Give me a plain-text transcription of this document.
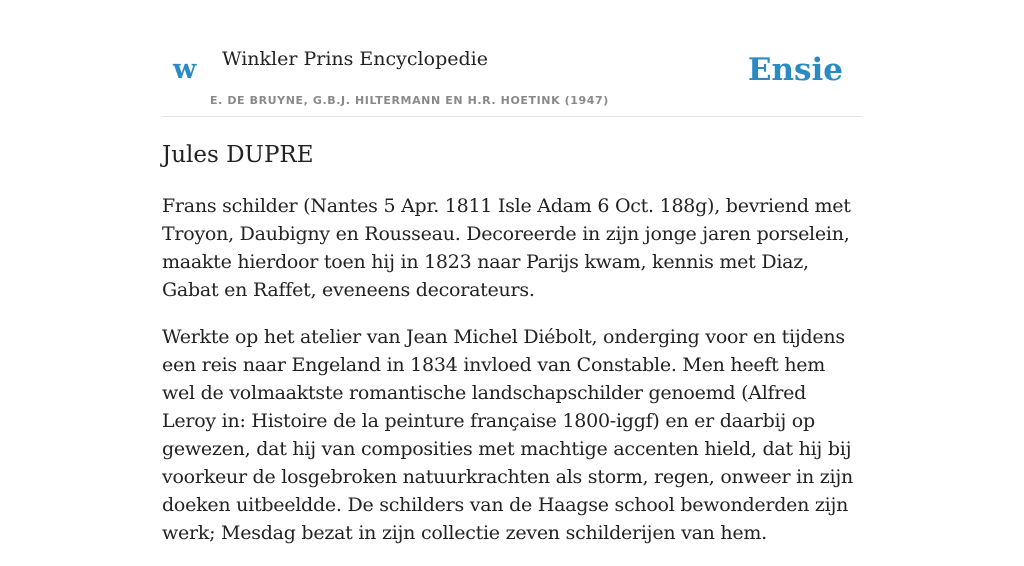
w Winkler Prins Encyclopedie
E. DE BRUYNE, G.B.J. HILTERMANN EN H.R. HOETINK (1947)
Ensie
Jules DUPRE

Frans schilder (Nantes 5 Apr. 1811 Isle Adam 6 Oct. 188g), bevriend met Troyon, Daubigny en Rousseau. Decoreerde in zijn jonge jaren porselein, maakte hierdoor toen hij in 1823 naar Parijs kwam, kennis met Diaz, Gabat en Raffet, eveneens decorateurs.

Werkte op het atelier van Jean Michel Diébolt, onderging voor en tijdens een reis naar Engeland in 1834 invloed van Constable. Men heeft hem wel de volmaaktste romantische landschapschilder genoemd (Alfred Leroy in: Histoire de la peinture française 1800-iggf) en er daarbij op gewezen, dat hij van composities met machtige accenten hield, dat hij bij voorkeur de losgebroken natuurkrachten als storm, regen, onweer in zijn doeken uitbeeldde. De schilders van de Haagse school bewonderden zijn werk; Mesdag bezat in zijn collectie zeven schilderijen van hem.
